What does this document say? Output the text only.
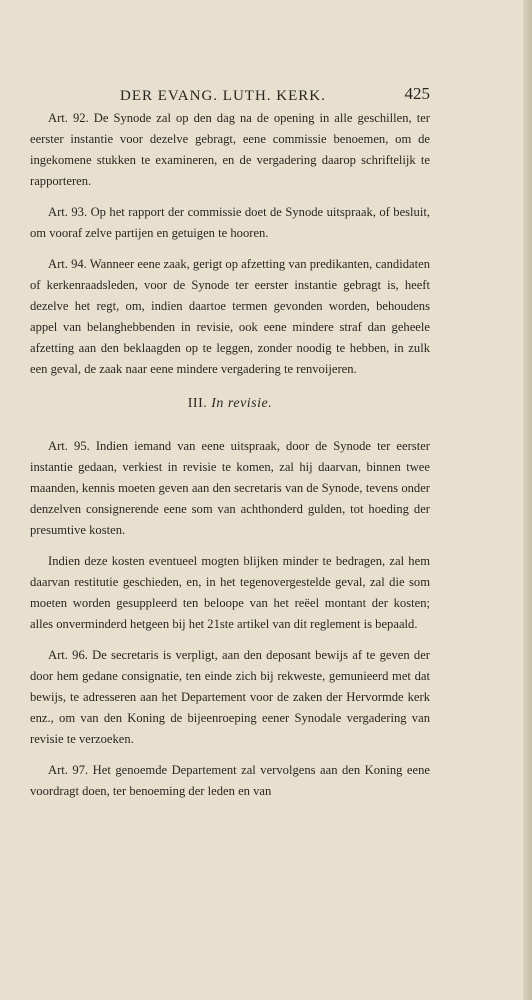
DER EVANG. LUTH. KERK.	425

Art. 92. De Synode zal op den dag na de opening in alle geschillen, ter eerster instantie voor dezelve gebragt, eene commissie benoemen, om de ingekomene stukken te examineren, en de vergadering daarop schriftelijk te rapporteren.

Art. 93. Op het rapport der commissie doet de Synode uitspraak, of besluit, om vooraf zelve partijen en getuigen te hooren.

Art. 94. Wanneer eene zaak, gerigt op afzetting van predikanten, candidaten of kerkenraadsleden, voor de Synode ter eerster instantie gebragt is, heeft dezelve het regt, om, indien daartoe termen gevonden worden, behoudens appel van belanghebbenden in revisie, ook eene mindere straf dan geheele afzetting aan den beklaagden op te leggen, zonder noodig te hebben, in zulk een geval, de zaak naar eene mindere vergadering te renvoijeren.

III. In revisie.

Art. 95. Indien iemand van eene uitspraak, door de Synode ter eerster instantie gedaan, verkiest in revisie te komen, zal hij daarvan, binnen twee maanden, kennis moeten geven aan den secretaris van de Synode, tevens onder denzelven consignerende eene som van achthonderd gulden, tot hoeding der presumtive kosten.

Indien deze kosten eventueel mogten blijken minder te bedragen, zal hem daarvan restitutie geschieden, en, in het tegenovergestelde geval, zal die som moeten worden gesuppleerd ten beloope van het reëel montant der kosten; alles onverminderd hetgeen bij het 21ste artikel van dit reglement is bepaald.

Art. 96. De secretaris is verpligt, aan den deposant bewijs af te geven der door hem gedane consignatie, ten einde zich bij rekweste, gemunieerd met dat bewijs, te adresseren aan het Departement voor de zaken der Hervormde kerk enz., om van den Koning de bijeenroeping eener Synodale vergadering van revisie te verzoeken.

Art. 97. Het genoemde Departement zal vervolgens aan den Koning eene voordragt doen, ter benoeming der leden en van
